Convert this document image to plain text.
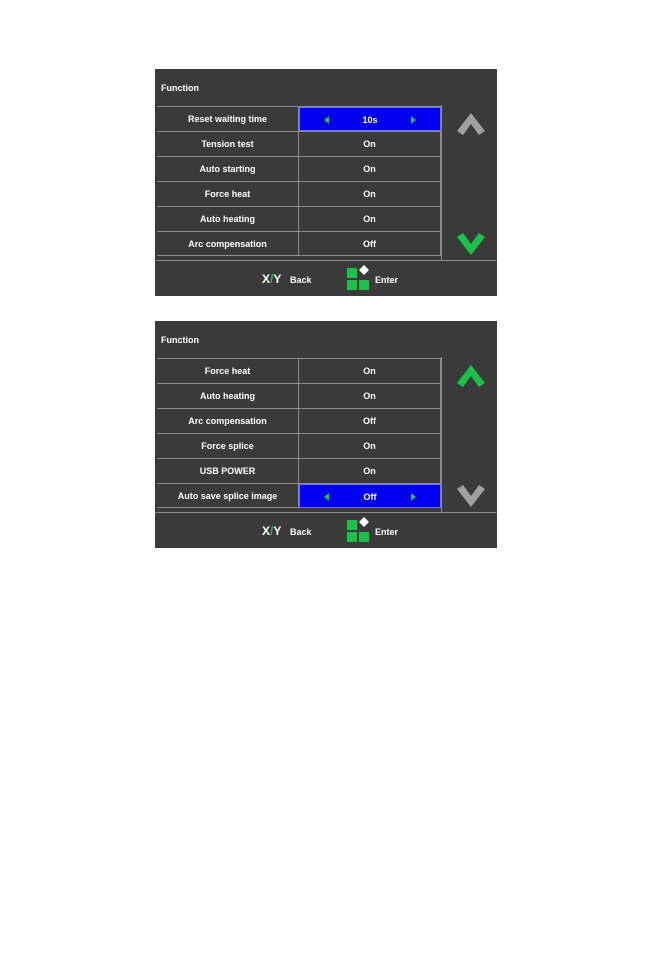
Function
Reset waiting time	10s
Tension test	On
Auto starting	On
Force heat	On
Auto heating	On
Arc compensation	Off
X/Y Back	Enter
Function
Force heat	On
Auto heating	On
Arc compensation	Off
Force splice	On
USB POWER	On
Auto save splice image	Off
X/Y Back	Enter
